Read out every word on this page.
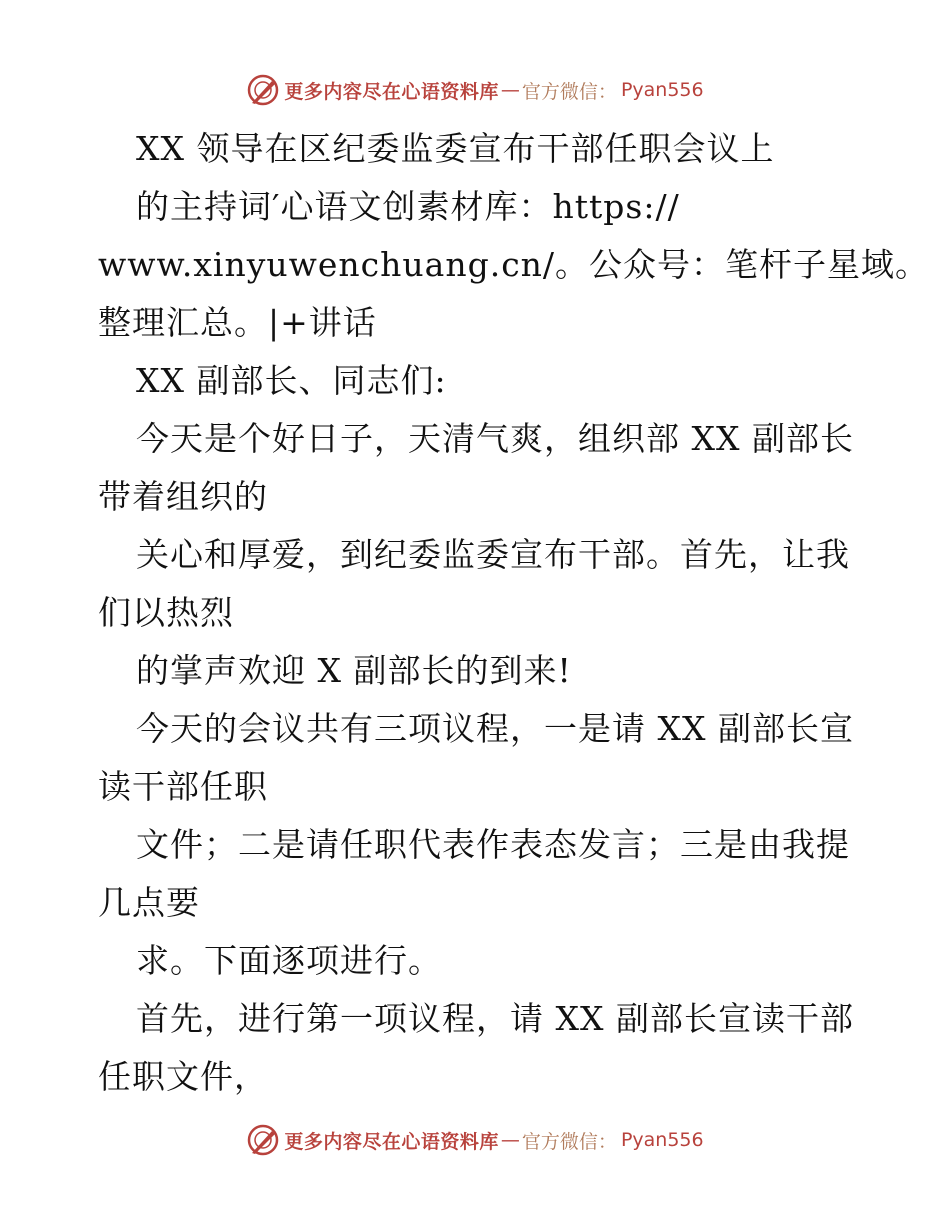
更多内容尽在心语资料库 — 官方微信： Pyan556
XX 领导在区纪委监委宣布干部任职会议上
的主持词′心语文创素材库：https://
www.xinyuwenchuang.cn/。公众号：笔杆子星域。
整理汇总。|+讲话
XX 副部长、同志们:
今天是个好日子，天清气爽，组织部 XX 副部长
带着组织的
关心和厚爱，到纪委监委宣布干部。首先，让我
们以热烈
的掌声欢迎 X 副部长的到来!
今天的会议共有三项议程，一是请 XX 副部长宣
读干部任职
文件；二是请任职代表作表态发言；三是由我提
几点要
求。下面逐项进行。
首先，进行第一项议程，请 XX 副部长宣读干部
任职文件，
更多内容尽在心语资料库 — 官方微信： Pyan556
